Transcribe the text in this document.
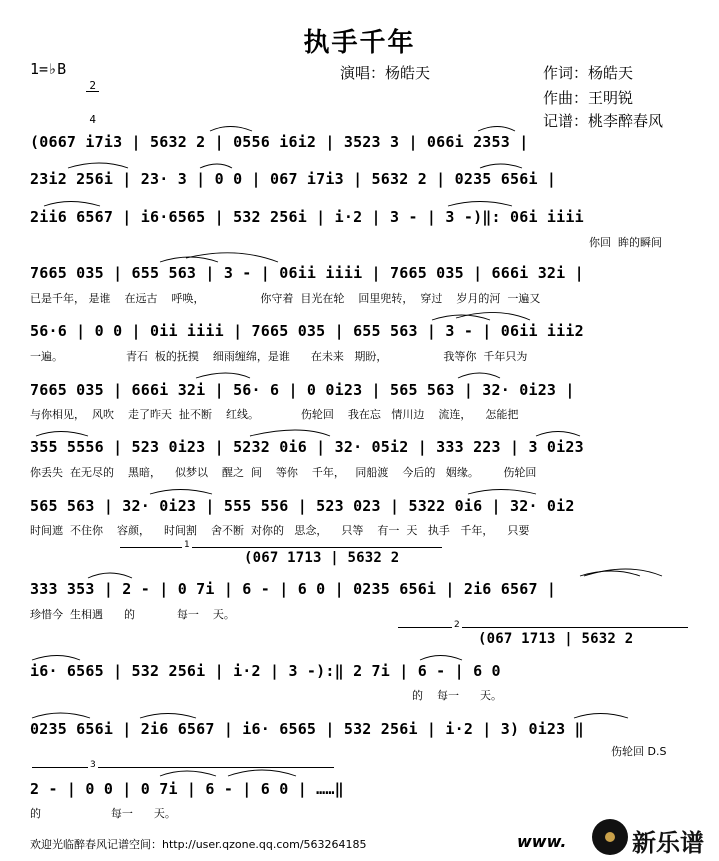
执手千年
演唱：杨皓天	作词：杨皓天
作曲：王明锐
记谱：桃李醉春风
1=♭B

2

4

(0667 i7i3 | 5632 2 | 0556 i6i2 | 3523 3 | 066i 2353 |
23i2 256i | 23· 3 | 0 0 | 067 i7i3 | 5632 2 | 0235 656i |
2ii6 6567 | i6·6565 | 532 256i | i·2 | 3 - | 3 -)‖: 06i iiii
你回  眸的瞬间
7665 035 | 655 563 | 3 - | 06ii iiii | 7665 035 | 666i 32i |
已是千年， 是谁    在远古    呼唤，                你守着  目光在轮    回里兜转，  穿过    岁月的河  一遍又
56·6 | 0 0 | 0ii iiii | 7665 035 | 655 563 | 3 - | 06ii iii2
一遍。                  青石  板的抚摸    细雨缠绵，是谁      在未来   期盼，                我等你  千年只为
7665 035 | 666i 32i | 56· 6 | 0 0i23 | 565 563 | 32· 0i23 |
与你相见，  风吹    走了昨天  扯不断    红线。            伤轮回    我在忘   情川边    流连，    怎能把
355 5556 | 523 0i23 | 5232 0i6 | 32· 05i2 | 333 223 | 3 0i23
你丢失  在无尽的    黑暗，    似梦以    醒之  间    等你    千年，   同船渡    今后的   姻缘。       伤轮回
565 563 | 32· 0i23 | 555 556 | 523 023 | 5322 0i6 | 32· 0i2
时间遮  不住你    容颜，    时间割    舍不断  对你的   思念，    只等    有一  天   执手   千年，    只要
1
(067 1713 | 5632 2
333 353 | 2 - | 0 7i | 6 - | 6 0 | 0235 656i | 2i6 6567 |
珍惜今  生相遇      的            每一    天。
2
(067 1713 | 5632 2
i6· 6565 | 532 256i | i·2 | 3 -):‖ 2 7i | 6 - | 6 0
的    每一      天。
0235 656i | 2i6 6567 | i6· 6565 | 532 256i | i·2 | 3) 0i23 ‖
伤轮回 D.S
3
2 - | 0 0 | 0 7i | 6 - | 6 0 | ……‖
的                    每一      天。
欢迎光临醉春风记谱空间：http://user.qzone.qq.com/563264185	www.	新乐谱
